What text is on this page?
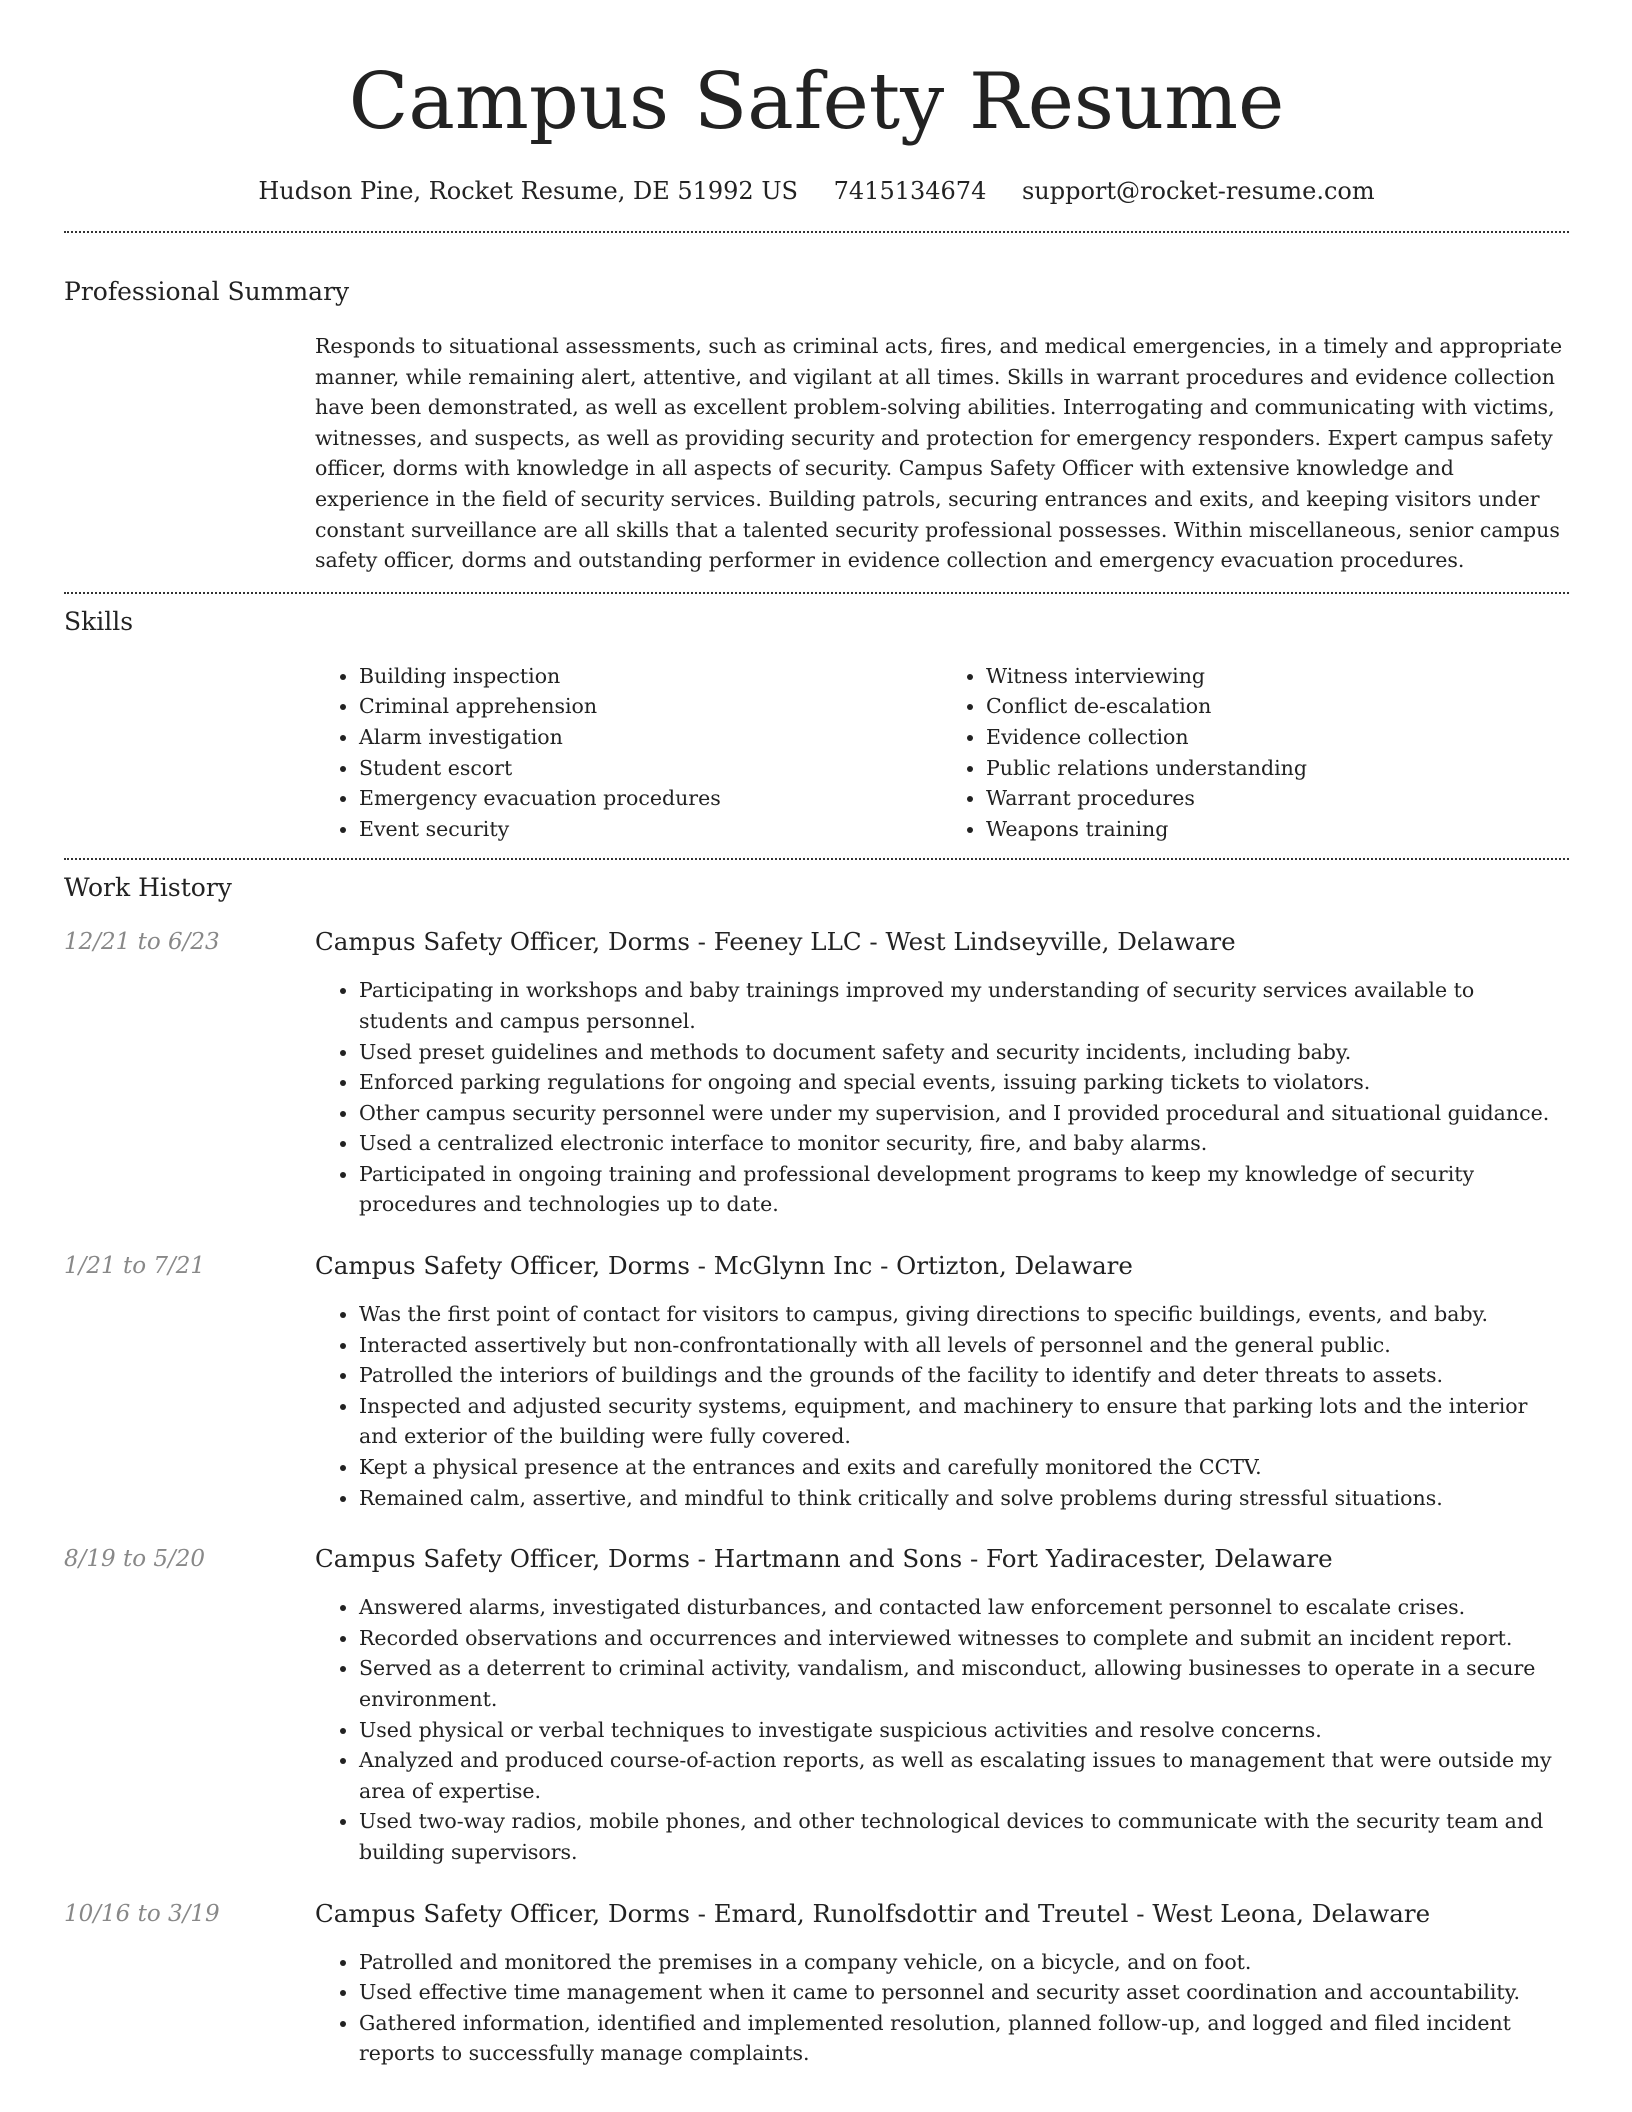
Campus Safety Resume
Hudson Pine, Rocket Resume, DE 51992 US 7415134674 support@rocket-resume.com
Professional Summary

Responds to situational assessments, such as criminal acts, fires, and medical emergencies, in a timely and appropriate manner, while remaining alert, attentive, and vigilant at all times. Skills in warrant procedures and evidence collection have been demonstrated, as well as excellent problem-solving abilities. Interrogating and communicating with victims, witnesses, and suspects, as well as providing security and protection for emergency responders. Expert campus safety officer, dorms with knowledge in all aspects of security. Campus Safety Officer with extensive knowledge and experience in the field of security services. Building patrols, securing entrances and exits, and keeping visitors under constant surveillance are all skills that a talented security professional possesses. Within miscellaneous, senior campus safety officer, dorms and outstanding performer in evidence collection and emergency evacuation procedures.

Skills
• Building inspection
• Criminal apprehension
• Alarm investigation
• Student escort
• Emergency evacuation procedures
• Event security
• Witness interviewing
• Conflict de-escalation
• Evidence collection
• Public relations understanding
• Warrant procedures
• Weapons training
Work History
12/21 to 6/23	Campus Safety Officer, Dorms - Feeney LLC - West Lindseyville, Delaware
• Participating in workshops and baby trainings improved my understanding of security services available to students and campus personnel.
• Used preset guidelines and methods to document safety and security incidents, including baby.
• Enforced parking regulations for ongoing and special events, issuing parking tickets to violators.
• Other campus security personnel were under my supervision, and I provided procedural and situational guidance.
• Used a centralized electronic interface to monitor security, fire, and baby alarms.
• Participated in ongoing training and professional development programs to keep my knowledge of security procedures and technologies up to date.
1/21 to 7/21	Campus Safety Officer, Dorms - McGlynn Inc - Ortizton, Delaware
• Was the first point of contact for visitors to campus, giving directions to specific buildings, events, and baby.
• Interacted assertively but non-confrontationally with all levels of personnel and the general public.
• Patrolled the interiors of buildings and the grounds of the facility to identify and deter threats to assets.
• Inspected and adjusted security systems, equipment, and machinery to ensure that parking lots and the interior and exterior of the building were fully covered.
• Kept a physical presence at the entrances and exits and carefully monitored the CCTV.
• Remained calm, assertive, and mindful to think critically and solve problems during stressful situations.
8/19 to 5/20	Campus Safety Officer, Dorms - Hartmann and Sons - Fort Yadiracester, Delaware
• Answered alarms, investigated disturbances, and contacted law enforcement personnel to escalate crises.
• Recorded observations and occurrences and interviewed witnesses to complete and submit an incident report.
• Served as a deterrent to criminal activity, vandalism, and misconduct, allowing businesses to operate in a secure environment.
• Used physical or verbal techniques to investigate suspicious activities and resolve concerns.
• Analyzed and produced course-of-action reports, as well as escalating issues to management that were outside my area of expertise.
• Used two-way radios, mobile phones, and other technological devices to communicate with the security team and building supervisors.
10/16 to 3/19	Campus Safety Officer, Dorms - Emard, Runolfsdottir and Treutel - West Leona, Delaware
• Patrolled and monitored the premises in a company vehicle, on a bicycle, and on foot.
• Used effective time management when it came to personnel and security asset coordination and accountability.
• Gathered information, identified and implemented resolution, planned follow-up, and logged and filed incident reports to successfully manage complaints.
